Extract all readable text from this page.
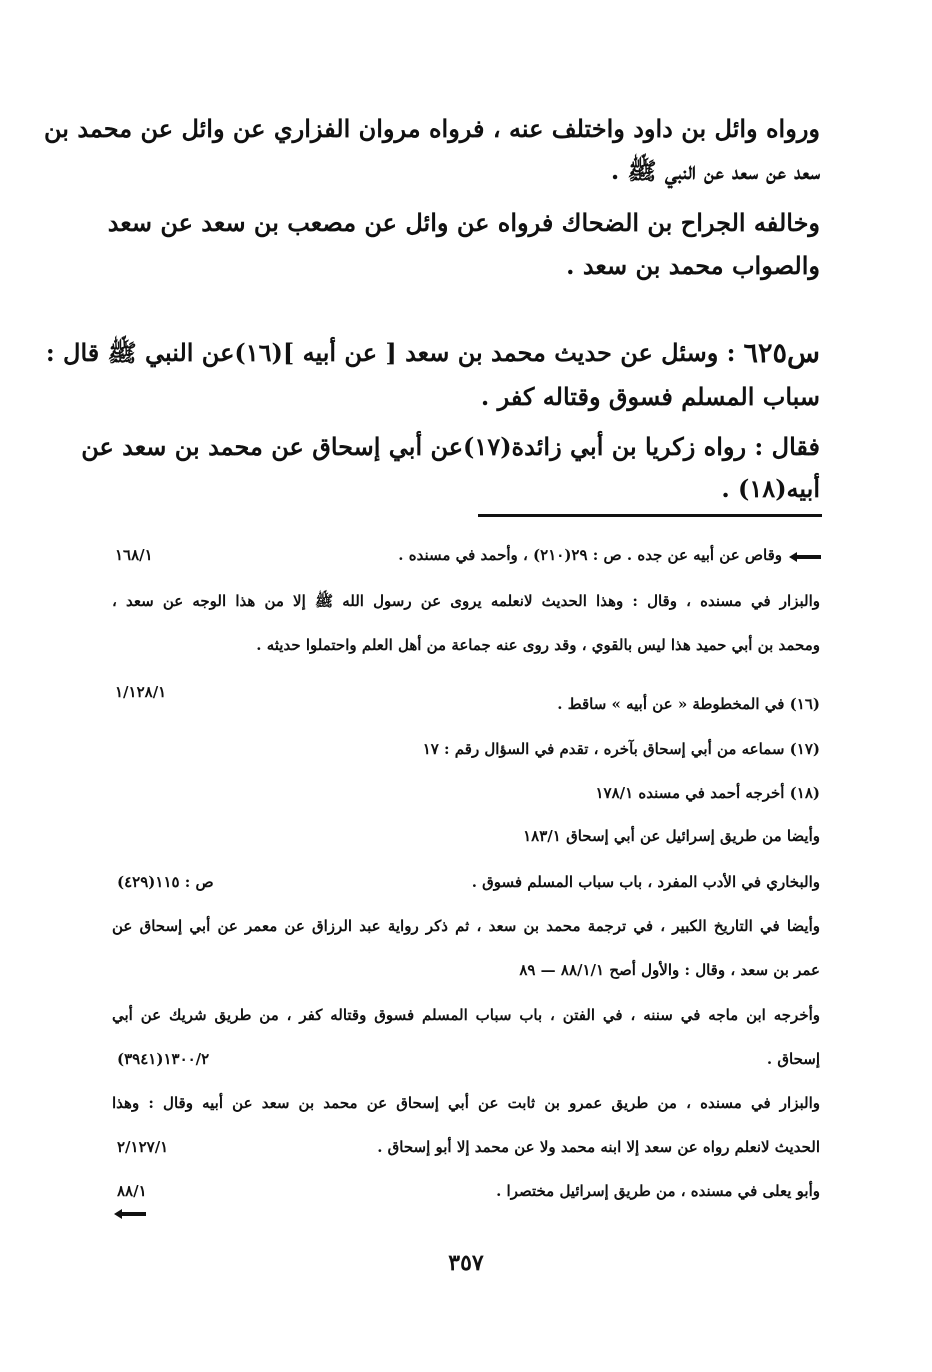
ورواه وائل بن داود واختلف عنه ، فرواه مروان الفزاري عن وائل عن محمد بن
سعد عن سعد عن النبي ﷺ .
وخالفه الجراح بن الضحاك فرواه عن وائل عن مصعب بن سعد عن سعد
والصواب محمد بن سعد .
س٦٢٥
: وسئل عن حديث محمد بن سعد [ عن أبيه ](١٦)عن النبي ﷺ قال :
سباب المسلم فسوق وقتاله كفر .
فقال : رواه زكريا بن أبي زائدة(١٧)عن أبي إسحاق عن محمد بن سعد عن
أبيه(١٨) .
وقاص عن أبيه عن جده . ص : ٢٩(٢١٠) ، وأحمد في مسنده .
١٦٨/١
والبزار في مسنده ، وقال : وهذا الحديث لانعلمه يروى عن رسول الله ﷺ إلا من هذا الوجه عن سعد ،
ومحمد بن أبي حميد هذا ليس بالقوي ، وقد روى عنه جماعة من أهل العلم واحتملوا حديثه .
١/١٢٨/١
(١٦) في المخطوطة « عن أبيه » ساقط .
(١٧) سماعه من أبي إسحاق بآخره ، تقدم في السؤال رقم : ١٧
(١٨) أخرجه أحمد في مسنده ١٧٨/١
وأيضا من طريق إسرائيل عن أبي إسحاق ١٨٣/١
والبخاري في الأدب المفرد ، باب سباب المسلم فسوق .
ص : ١١٥(٤٢٩)
وأيضا في التاريخ الكبير ، في ترجمة محمد بن سعد ، ثم ذكر رواية عبد الرزاق عن معمر عن أبي إسحاق عن
عمر بن سعد ، وقال : والأول أصح ٨٨/١/١ — ٨٩
وأخرجه ابن ماجه في سننه ، في الفتن ، باب سباب المسلم فسوق وقتاله كفر ، من طريق شريك عن أبي
إسحاق .
١٣٠٠/٢(٣٩٤١)
والبزار في مسنده ، من طريق عمرو بن ثابت عن أبي إسحاق عن محمد بن سعد عن أبيه وقال : وهذا
الحديث لانعلم رواه عن سعد إلا ابنه محمد ولا عن محمد إلا أبو إسحاق .
٢/١٢٧/١
وأبو يعلى في مسنده ، من طريق إسرائيل مختصرا .
٨٨/١
٣٥٧
